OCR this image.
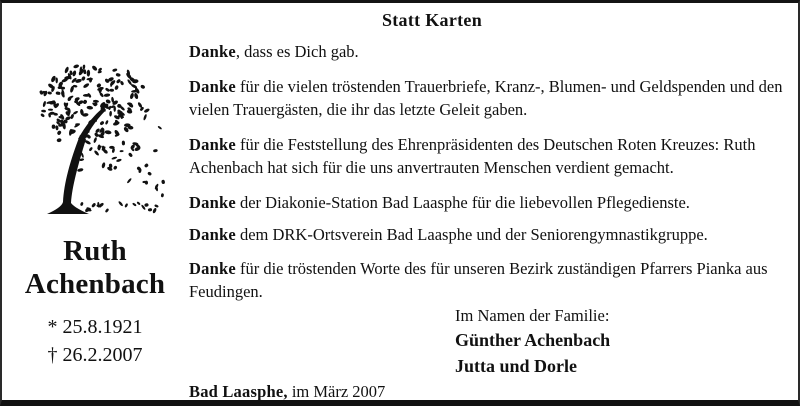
Statt Karten
Ruth
Achenbach
* 25.8.1921
† 26.2.2007

Danke, dass es Dich gab.

Danke für die vielen tröstenden Trauerbriefe, Kranz-, Blumen- und Geldspenden und den vielen Trauergästen, die ihr das letzte Geleit gaben.

Danke für die Feststellung des Ehrenpräsidenten des Deutschen Roten Kreuzes: Ruth Achenbach hat sich für die uns anvertrauten Menschen verdient gemacht.

Danke der Diakonie-Station Bad Laasphe für die liebevollen Pflegedienste.

Danke dem DRK-Ortsverein Bad Laasphe und der Seniorengymnastikgruppe.

Danke für die tröstenden Worte des für unseren Bezirk zuständigen Pfarrers Pianka aus Feudingen.

Im Namen der Familie:
Günther Achenbach
Jutta und Dorle
Bad Laasphe, im März 2007
